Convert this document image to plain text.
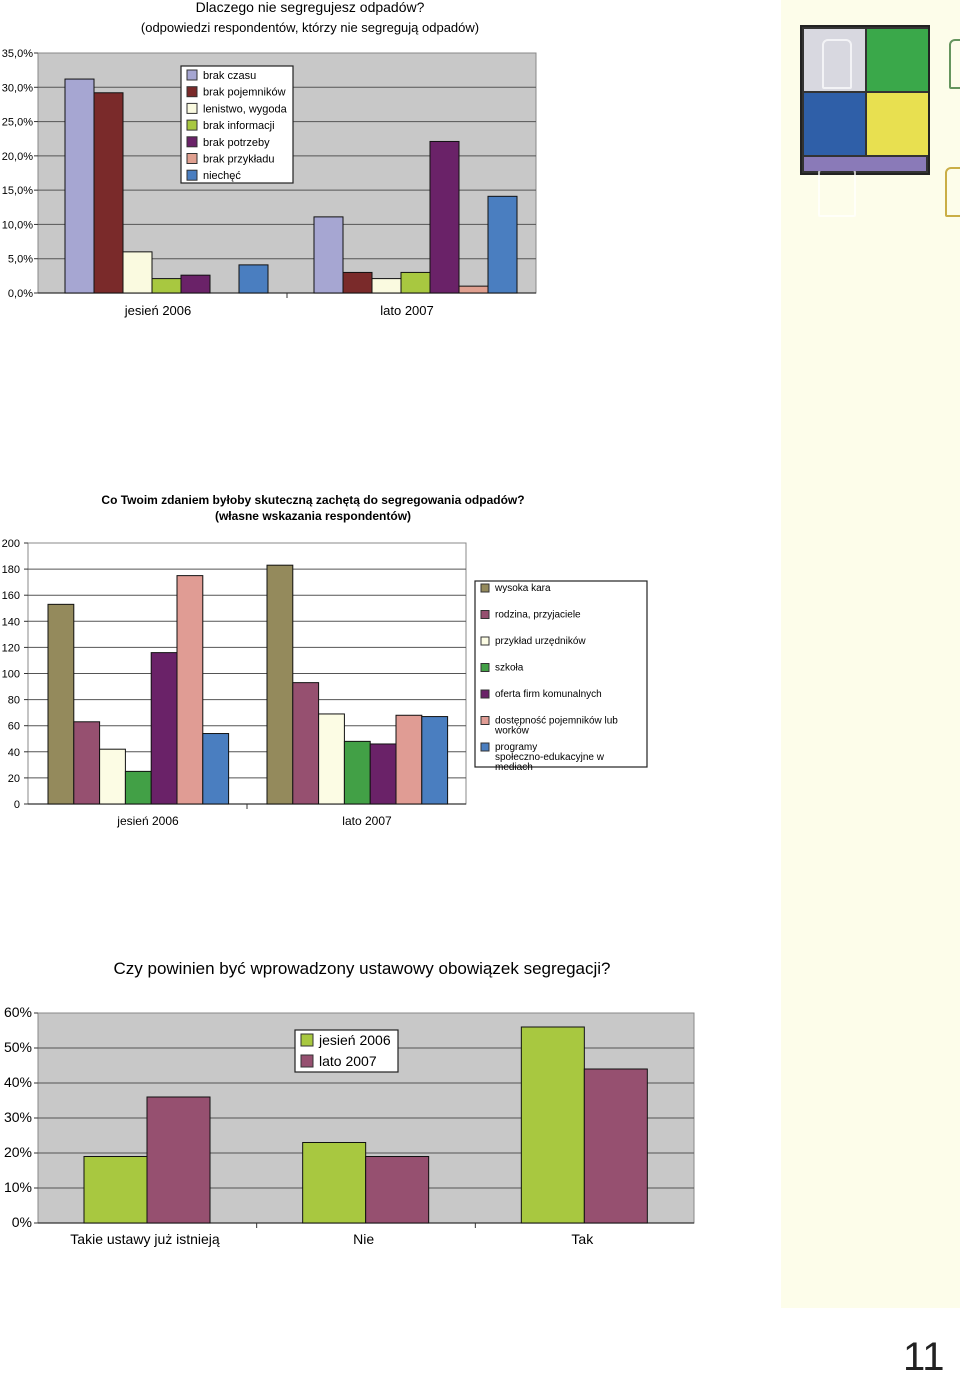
0,0%
5,0%
10,0%
15,0%
20,0%
25,0%
30,0%
35,0%
jesień 2006	lato 2007
Dlaczego nie segregujesz odpadów?
(odpowiedzi respondentów, którzy nie segregują odpadów)
brak czasu
brak pojemników
lenistwo, wygoda
brak informacji
brak potrzeby
brak przykładu
niechęć
0
20
40
60
80
100
120
140
160
180
200
jesień 2006	lato 2007
Co Twoim zdaniem byłoby skuteczną zachętą do segregowania odpadów?
(własne wskazania respondentów)
wysoka kara
rodzina, przyjaciele
przykład urzędników
szkoła
oferta firm komunalnych
dostępność pojemników lub
worków
programy
społeczno-edukacyjne w
mediach
0%
10%
20%
30%
40%
50%
60%
Takie ustawy już istnieją	Nie	Tak
Czy powinien być wprowadzony ustawowy obowiązek segregacji?
jesień 2006
lato 2007
11
